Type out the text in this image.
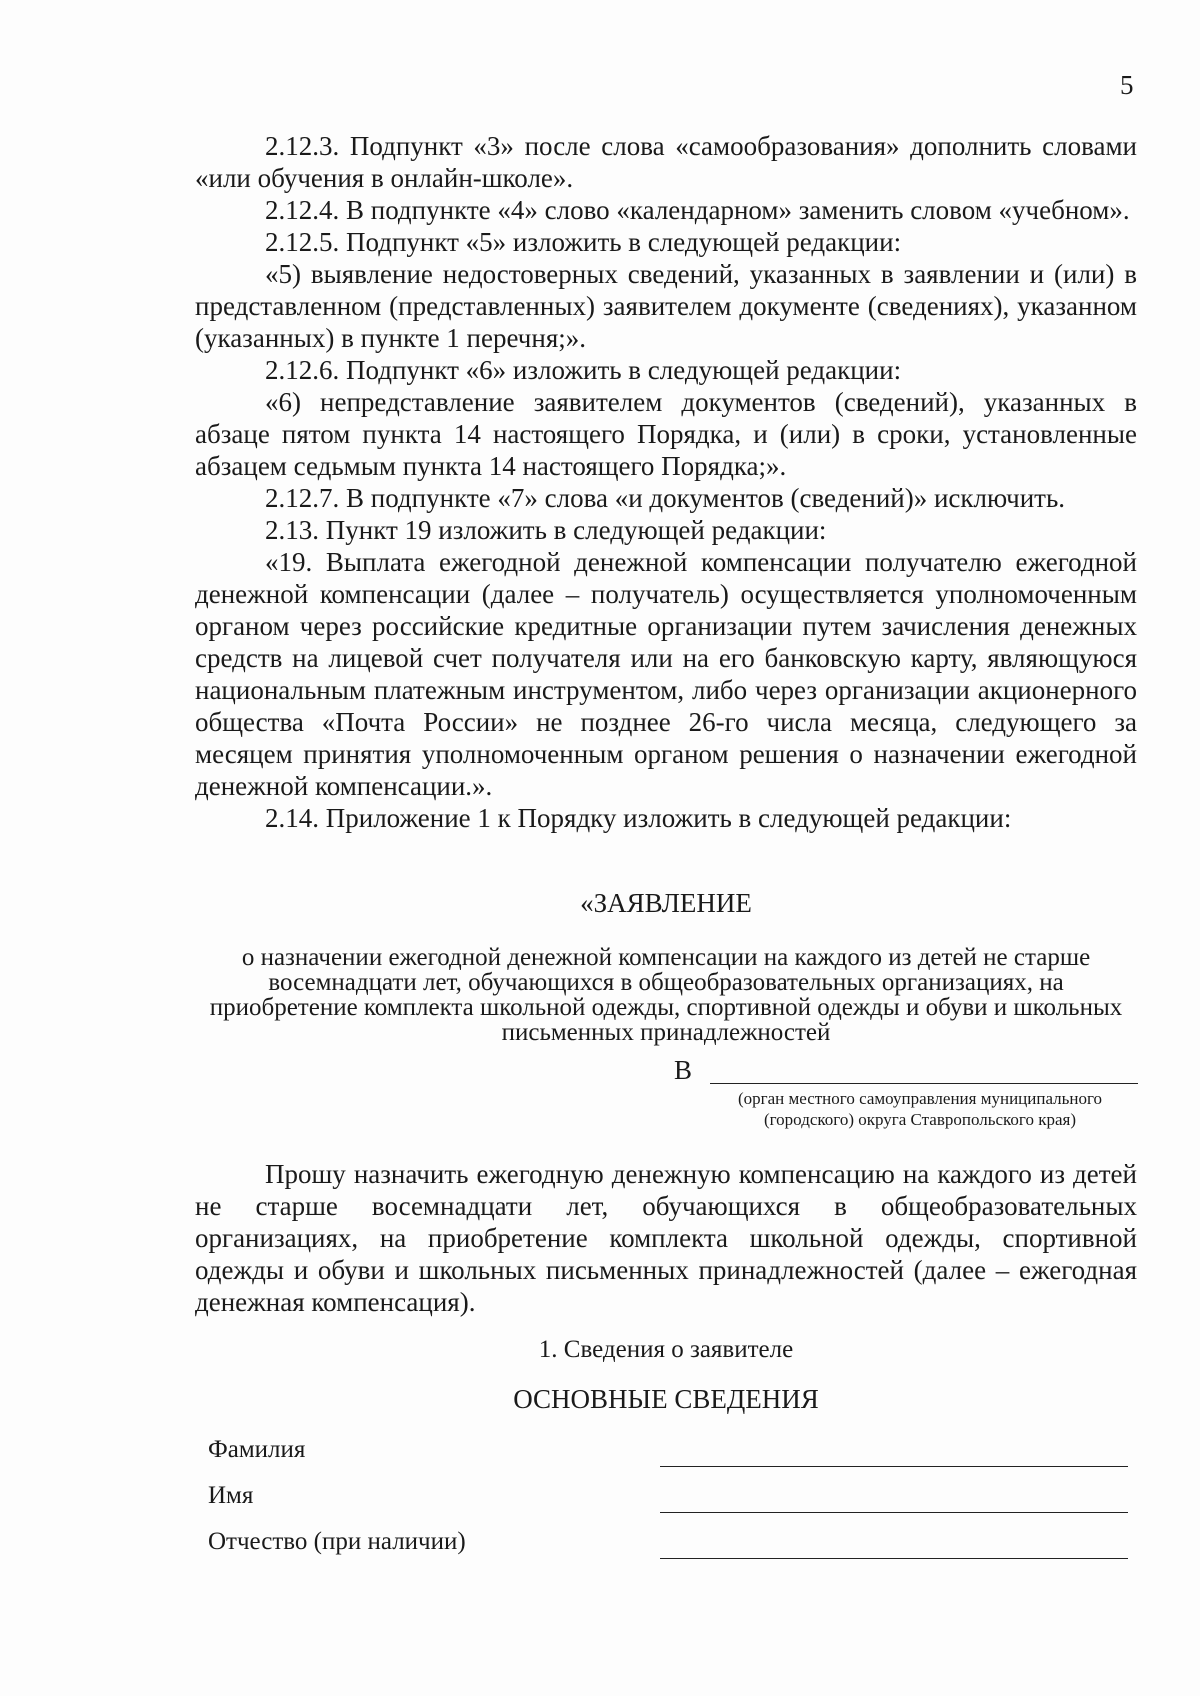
5

2.12.3. Подпункт «3» после слова «самообразования» дополнить словами «или обучения в онлайн-школе».

2.12.4. В подпункте «4» слово «календарном» заменить словом «учебном».

2.12.5. Подпункт «5» изложить в следующей редакции:

«5) выявление недостоверных сведений, указанных в заявлении и (или) в представленном (представленных) заявителем документе (сведениях), указанном (указанных) в пункте 1 перечня;».

2.12.6. Подпункт «6» изложить в следующей редакции:

«6) непредставление заявителем документов (сведений), указанных в абзаце пятом пункта 14 настоящего Порядка, и (или) в сроки, установленные абзацем седьмым пункта 14 настоящего Порядка;».

2.12.7. В подпункте «7» слова «и документов (сведений)» исключить.

2.13. Пункт 19 изложить в следующей редакции:

«19. Выплата ежегодной денежной компенсации получателю ежегодной денежной компенсации (далее – получатель) осуществляется уполномоченным органом через российские кредитные организации путем зачисления денежных средств на лицевой счет получателя или на его банковскую карту, являющуюся национальным платежным инструментом, либо через организации акционерного общества «Почта России» не позднее 26-го числа месяца, следующего за месяцем принятия уполномоченным органом решения о назначении ежегодной денежной компенсации.».

2.14. Приложение 1 к Порядку изложить в следующей редакции:

«ЗАЯВЛЕНИЕ
о назначении ежегодной денежной компенсации на каждого из детей не старше восемнадцати лет, обучающихся в общеобразовательных организациях, на приобретение комплекта школьной одежды, спортивной одежды и обуви и школьных письменных принадлежностей
В
(орган местного самоуправления муниципального (городского) округа Ставропольского края)

Прошу назначить ежегодную денежную компенсацию на каждого из детей не старше восемнадцати лет, обучающихся в общеобразовательных организациях, на приобретение комплекта школьной одежды, спортивной одежды и обуви и школьных письменных принадлежностей (далее – ежегодная денежная компенсация).

1. Сведения о заявителе
ОСНОВНЫЕ СВЕДЕНИЯ
Фамилия
Имя
Отчество (при наличии)
